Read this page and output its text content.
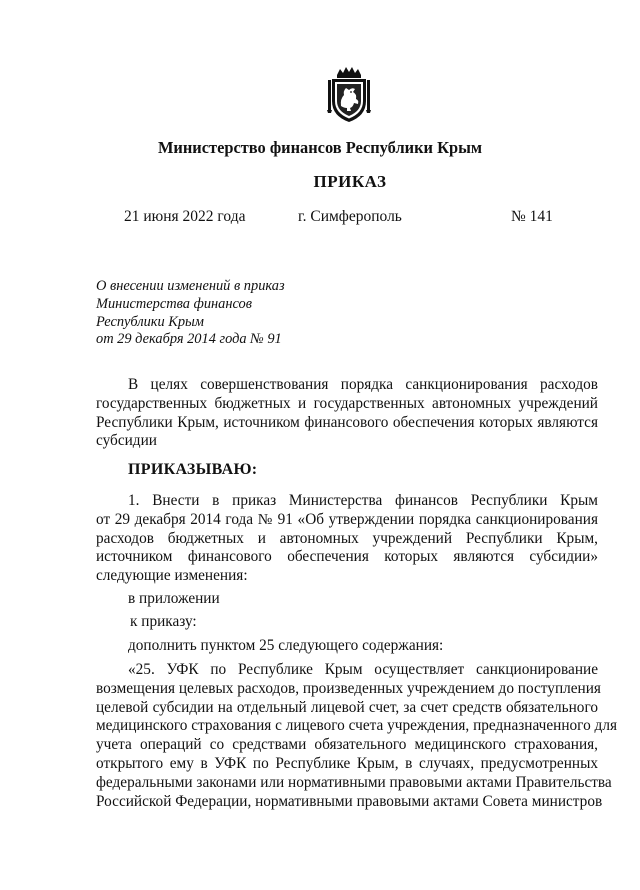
Министерство финансов Республики Крым
ПРИКАЗ
21 июня 2022 года	г. Симферополь	№ 141
О внесении изменений в приказ
Министерства финансов
Республики Крым
от 29 декабря 2014 года № 91
В целях совершенствования порядка санкционирования расходов
государственных бюджетных и государственных автономных учреждений
Республики Крым, источником финансового обеспечения которых являются
субсидии
ПРИКАЗЫВАЮ:
1. Внести в приказ Министерства финансов Республики Крым
от 29 декабря 2014 года № 91 «Об утверждении порядка санкционирования
расходов бюджетных и автономных учреждений Республики Крым,
источником финансового обеспечения которых являются субсидии»
следующие изменения:
в приложении
к приказу:
дополнить пунктом 25 следующего содержания:
«25. УФК по Республике Крым осуществляет санкционирование
возмещения целевых расходов, произведенных учреждением до поступления
целевой субсидии на отдельный лицевой счет, за счет средств обязательного
медицинского страхования с лицевого счета учреждения, предназначенного для
учета операций со средствами обязательного медицинского страхования,
открытого ему в УФК по Республике Крым, в случаях, предусмотренных
федеральными законами или нормативными правовыми актами Правительства
Российской Федерации, нормативными правовыми актами Совета министров
